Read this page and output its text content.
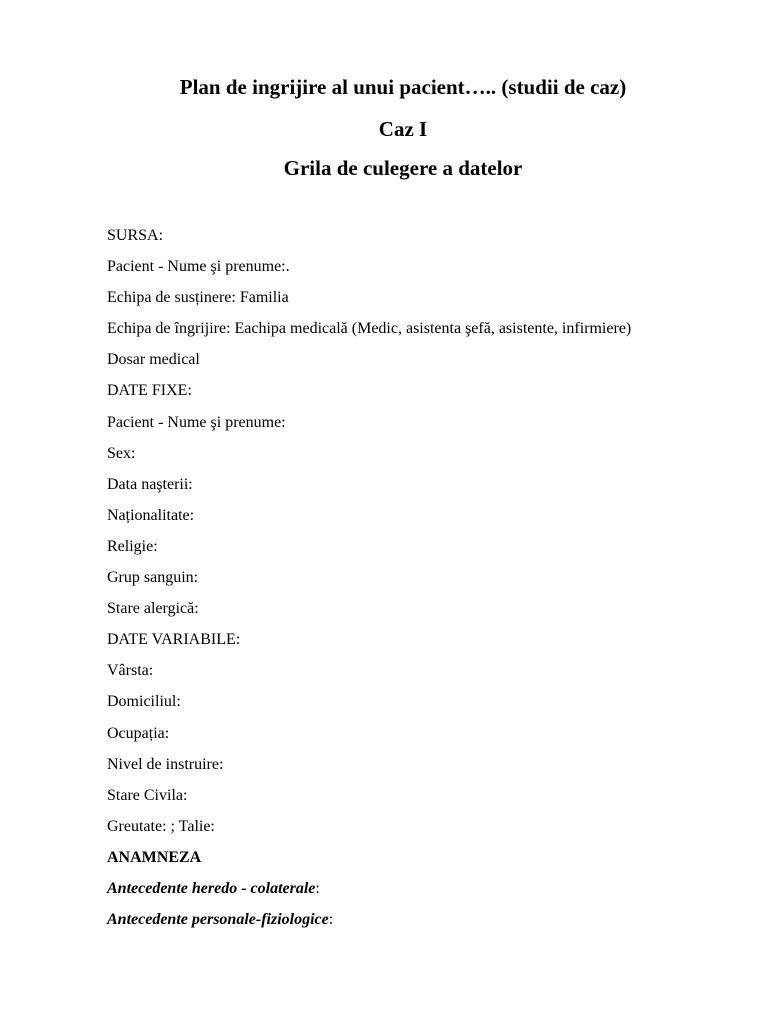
Plan de ingrijire al unui pacient….. (studii de caz)
Caz I
Grila de culegere a datelor
SURSA:
Pacient - Nume şi prenume:.
Echipa de susținere: Familia
Echipa de îngrijire: Eachipa medicală (Medic, asistenta şefă, asistente, infirmiere)
Dosar medical
DATE FIXE:
Pacient - Nume şi prenume:
Sex:
Data naşterii:
Naționalitate:
Religie:
Grup sanguin:
Stare alergică:
DATE VARIABILE:
Vârsta:
Domiciliul:
Ocupația:
Nivel de instruire:
Stare Civila:
Greutate: ; Talie:
ANAMNEZA
Antecedente heredo - colaterale:
Antecedente personale-fiziologice:
